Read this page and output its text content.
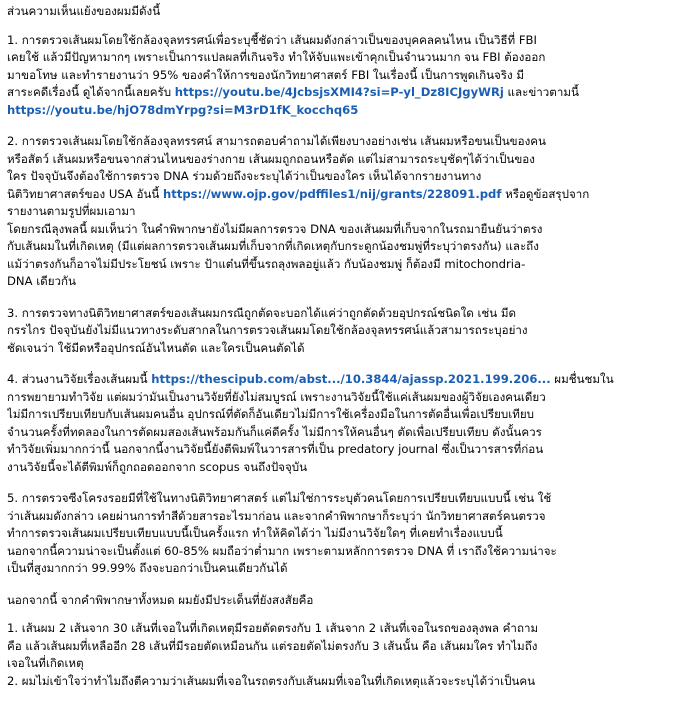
ส่วนความเห็นแย้งของผมมีดังนี้

1. การตรวจเส้นผมโดยใช้กล้องจุลทรรศน์เพื่อระบุชี้ชัดว่า เส้นผมดังกล่าวเป็นของบุคคลคนไหน เป็นวิธีที่ FBI
เคยใช้ แล้วมีปัญหามากๆ เพราะเป็นการแปลผลที่เกินจริง ทำให้จับแพะเข้าคุกเป็นจำนวนมาก จน FBI ต้องออก
มาขอโทษ และทำรายงานว่า 95% ของคำให้การของนักวิทยาศาสตร์ FBI ในเรื่องนี้ เป็นการพูดเกินจริง มี
สาระคดีเรื่องนี้ ดูได้จากนี้เลยครับ https://youtu.be/4JcbsjsXMI4?si=P-yl_Dz8ICJgyWRj และข่าวตามนี้
https://youtu.be/hjO78dmYrpg?si=M3rD1fK_kocchq65

2. การตรวจเส้นผมโดยใช้กล้องจุลทรรศน์ สามารถตอบคำถามได้เพียงบางอย่างเช่น เส้นผมหรือขนเป็นของคน
หรือสัตว์ เส้นผมหรือขนจากส่วนไหนของร่างกาย เส้นผมถูกถอนหรือตัด แต่ไม่สามารถระบุชัดๆได้ว่าเป็นของ
ใคร ปัจจุบันจึงต้องใช้การตรวจ DNA ร่วมด้วยถึงจะระบุได้ว่าเป็นของใคร เห็นได้จากรายงานทาง
นิติวิทยาศาสตร์ของ USA อันนี้ https://www.ojp.gov/pdffiles1/nij/grants/228091.pdf หรือดูข้อสรุปจาก
รายงานตามรูปที่ผมเอามา
โดยกรณีลุงพลนี้ ผมเห็นว่า ในคำพิพากษายังไม่มีผลการตรวจ DNA ของเส้นผมที่เก็บจากในรถมายืนยันว่าตรง
กับเส้นผมในที่เกิดเหตุ (มีแต่ผลการตรวจเส้นผมที่เก็บจากที่เกิดเหตุกับกระดูกน้องชมพู่ที่ระบุว่าตรงกัน) และถึง
แม้ว่าตรงกันก็อาจไม่มีประโยชน์ เพราะ ป้าแต๋นที่ขึ้นรถลุงพลอยู่แล้ว กับน้องชมพู่ ก็ต้องมี mitochondria-
DNA เดียวกัน

3. การตรวจทางนิติวิทยาศาสตร์ของเส้นผมกรณีถูกตัดจะบอกได้แค่ว่าถูกตัดด้วยอุปกรณ์ชนิดใด เช่น มีด
กรรไกร ปัจจุบันยังไม่มีแนวทางระดับสากลในการตรวจเส้นผมโดยใช้กล้องจุลทรรศน์แล้วสามารถระบุอย่าง
ชัดเจนว่า ใช้มีดหรืออุปกรณ์อันไหนตัด และใครเป็นคนตัดได้

4. ส่วนงานวิจัยเรื่องเส้นผมนี้ https://thescipub.com/abst.../10.3844/ajassp.2021.199.206... ผมชื่นชมใน
การพยายามทำวิจัย แต่ผมว่ามันเป็นงานวิจัยที่ยังไม่สมบูรณ์ เพราะงานวิจัยนี้ใช้แค่เส้นผมของผู้วิจัยเองคนเดียว
ไม่มีการเปรียบเทียบกับเส้นผมคนอื่น อุปกรณ์ที่ตัดก็อันเดียวไม่มีการใช้เครื่องมือในการตัดอื่นเพื่อเปรียบเทียบ
จำนวนครั้งที่ทดลองในการตัดผมสองเส้นพร้อมกันก็แค่ดีครั้ง ไม่มีการให้คนอื่นๆ ตัดเพื่อเปรียบเทียบ ดังนั้นควร
ทำวิจัยเพิ่มมากกว่านี้ นอกจากนี้งานวิจัยนี้ยังตีพิมพ์ในวารสารที่เป็น predatory journal ซึ่งเป็นวารสารที่ก่อน
งานวิจัยนี้จะได้ตีพิมพ์ก็ถูกถอดออกจาก scopus จนถึงปัจจุบัน

5. การตรวจซีงโครงรอยมีที่ใช้ในทางนิติวิทยาศาสตร์ แต่ไม่ใช่การระบุตัวคนโดยการเปรียบเทียบแบบนี้ เช่น ใช้
ว่าเส้นผมดังกล่าว เคยผ่านการทำสีด้วยสารอะไรมาก่อน และจากคำพิพากษาก็ระบุว่า นักวิทยาศาสตร์คนตรวจ
ทำการตรวจเส้นผมเปรียบเทียบแบบนี้เป็นครั้งแรก ทำให้คิดได้ว่า ไม่มีงานวิจัยใดๆ ที่เคยทำเรื่องแบบนี้
นอกจากนี้ความน่าจะเป็นตั้งแต่ 60-85% ผมถือว่าต่ำมาก เพราะตามหลักการตรวจ DNA ที่ เราถึงใช้ความน่าจะ
เป็นที่สูงมากกว่า 99.99% ถึงจะบอกว่าเป็นคนเดียวกันได้

นอกจากนี้ จากคำพิพากษาทั้งหมด ผมยังมีประเด็นที่ยังสงสัยคือ

1. เส้นผม 2 เส้นจาก 30 เส้นที่เจอในที่เกิดเหตุมีรอยตัดตรงกับ 1 เส้นจาก 2 เส้นที่เจอในรถของลุงพล คำถาม
คือ แล้วเส้นผมที่เหลืออีก 28 เส้นที่มีรอยตัดเหมือนกัน แต่รอยตัดไม่ตรงกับ 3 เส้นนั้น คือ เส้นผมใคร ทำไมถึง
เจอในที่เกิดเหตุ
2. ผมไม่เข้าใจว่าทำไมถึงตีความว่าเส้นผมที่เจอในรถตรงกับเส้นผมที่เจอในที่เกิดเหตุแล้วจะระบุได้ว่าเป็นคน
